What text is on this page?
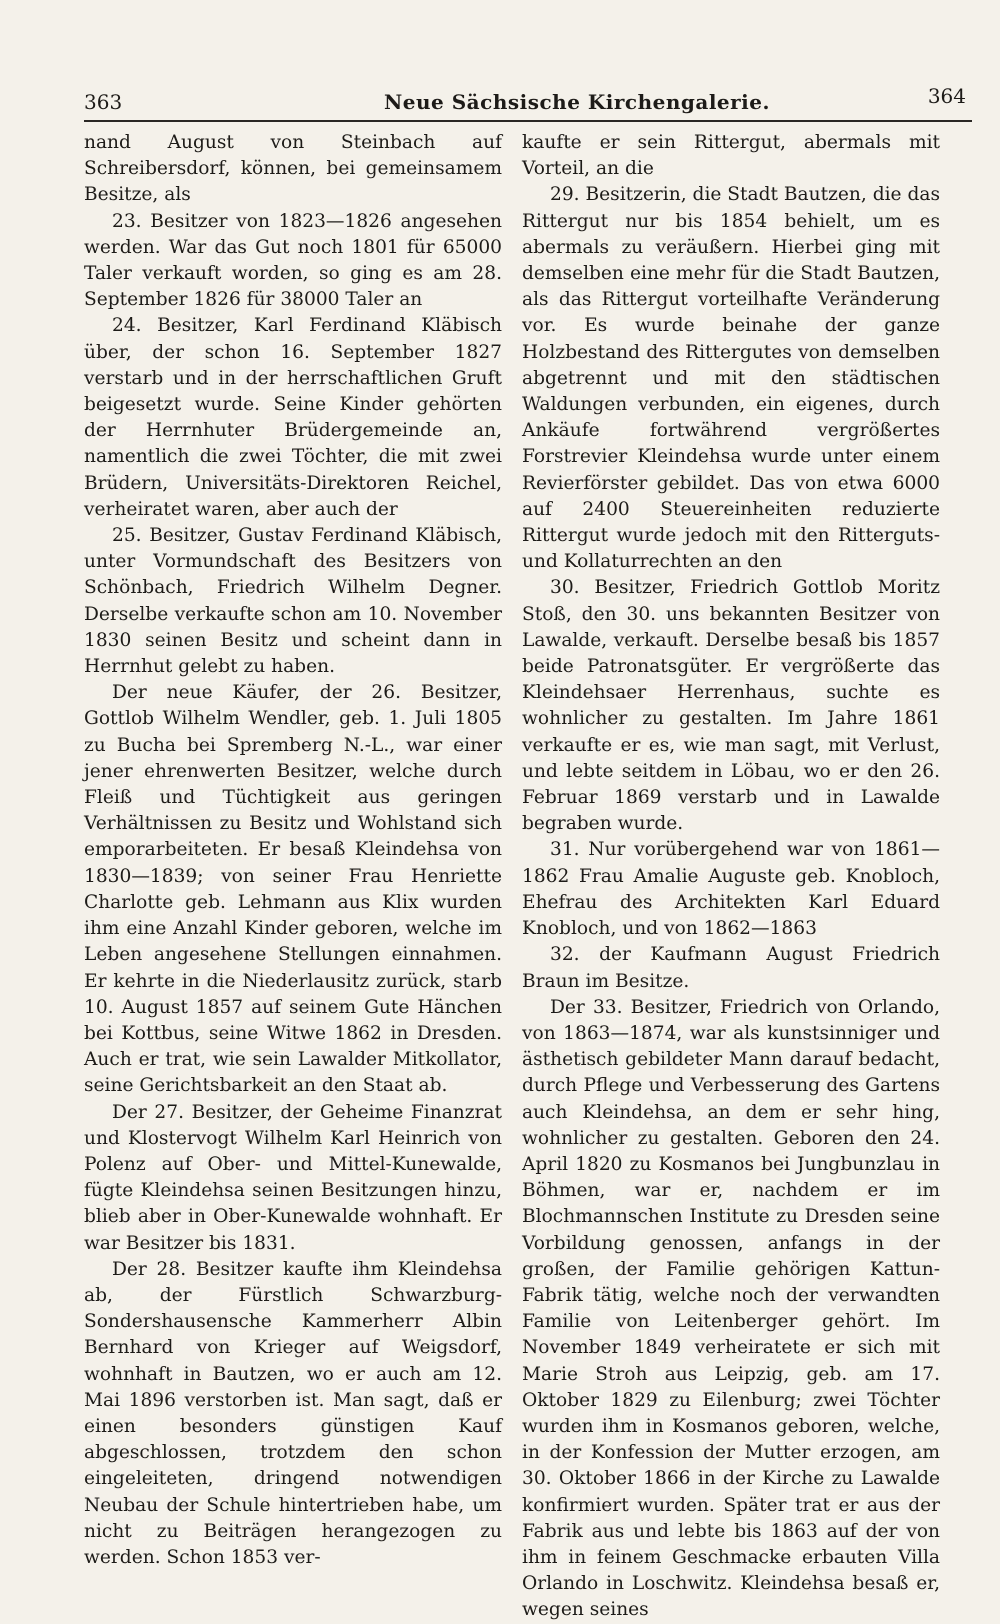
363	Neue Sächsische Kirchengalerie.	364

nand August von Steinbach auf Schreibersdorf, können, bei gemeinsamem Besitze, als

23. Besitzer von 1823—1826 angesehen werden. War das Gut noch 1801 für 65000 Taler verkauft worden, so ging es am 28. September 1826 für 38000 Taler an

24. Besitzer, Karl Ferdinand Kläbisch über, der schon 16. September 1827 verstarb und in der herrschaftlichen Gruft beigesetzt wurde. Seine Kinder gehörten der Herrnhuter Brüdergemeinde an, namentlich die zwei Töchter, die mit zwei Brüdern, Universitäts-Direktoren Reichel, verheiratet waren, aber auch der

25. Besitzer, Gustav Ferdinand Kläbisch, unter Vormundschaft des Besitzers von Schönbach, Friedrich Wilhelm Degner. Derselbe verkaufte schon am 10. November 1830 seinen Besitz und scheint dann in Herrnhut gelebt zu haben.

Der neue Käufer, der 26. Besitzer, Gottlob Wilhelm Wendler, geb. 1. Juli 1805 zu Bucha bei Spremberg N.-L., war einer jener ehrenwerten Besitzer, welche durch Fleiß und Tüchtigkeit aus geringen Verhältnissen zu Besitz und Wohlstand sich emporarbeiteten. Er besaß Kleindehsa von 1830—1839; von seiner Frau Henriette Charlotte geb. Lehmann aus Klix wurden ihm eine Anzahl Kinder geboren, welche im Leben angesehene Stellungen einnahmen. Er kehrte in die Niederlausitz zurück, starb 10. August 1857 auf seinem Gute Hänchen bei Kottbus, seine Witwe 1862 in Dresden. Auch er trat, wie sein Lawalder Mitkollator, seine Gerichtsbarkeit an den Staat ab.

Der 27. Besitzer, der Geheime Finanzrat und Klostervogt Wilhelm Karl Heinrich von Polenz auf Ober- und Mittel-Kunewalde, fügte Kleindehsa seinen Besitzungen hinzu, blieb aber in Ober-Kunewalde wohnhaft. Er war Besitzer bis 1831.

Der 28. Besitzer kaufte ihm Kleindehsa ab, der Fürstlich Schwarzburg-Sondershausensche Kammerherr Albin Bernhard von Krieger auf Weigsdorf, wohnhaft in Bautzen, wo er auch am 12. Mai 1896 verstorben ist. Man sagt, daß er einen besonders günstigen Kauf abgeschlossen, trotzdem den schon eingeleiteten, dringend notwendigen Neubau der Schule hintertrieben habe, um nicht zu Beiträgen herangezogen zu werden. Schon 1853 ver-

kaufte er sein Rittergut, abermals mit Vorteil, an die

29. Besitzerin, die Stadt Bautzen, die das Rittergut nur bis 1854 behielt, um es abermals zu veräußern. Hierbei ging mit demselben eine mehr für die Stadt Bautzen, als das Rittergut vorteilhafte Veränderung vor. Es wurde beinahe der ganze Holzbestand des Rittergutes von demselben abgetrennt und mit den städtischen Waldungen verbunden, ein eigenes, durch Ankäufe fortwährend vergrößertes Forstrevier Kleindehsa wurde unter einem Revierförster gebildet. Das von etwa 6000 auf 2400 Steuereinheiten reduzierte Rittergut wurde jedoch mit den Ritterguts- und Kollaturrechten an den

30. Besitzer, Friedrich Gottlob Moritz Stoß, den 30. uns bekannten Besitzer von Lawalde, verkauft. Derselbe besaß bis 1857 beide Patronatsgüter. Er vergrößerte das Kleindehsaer Herrenhaus, suchte es wohnlicher zu gestalten. Im Jahre 1861 verkaufte er es, wie man sagt, mit Verlust, und lebte seitdem in Löbau, wo er den 26. Februar 1869 verstarb und in Lawalde begraben wurde.

31. Nur vorübergehend war von 1861—1862 Frau Amalie Auguste geb. Knobloch, Ehefrau des Architekten Karl Eduard Knobloch, und von 1862—1863

32. der Kaufmann August Friedrich Braun im Besitze.

Der 33. Besitzer, Friedrich von Orlando, von 1863—1874, war als kunstsinniger und ästhetisch gebildeter Mann darauf bedacht, durch Pflege und Verbesserung des Gartens auch Kleindehsa, an dem er sehr hing, wohnlicher zu gestalten. Geboren den 24. April 1820 zu Kosmanos bei Jungbunzlau in Böhmen, war er, nachdem er im Blochmannschen Institute zu Dresden seine Vorbildung genossen, anfangs in der großen, der Familie gehörigen Kattun-Fabrik tätig, welche noch der verwandten Familie von Leitenberger gehört. Im November 1849 verheiratete er sich mit Marie Stroh aus Leipzig, geb. am 17. Oktober 1829 zu Eilenburg; zwei Töchter wurden ihm in Kosmanos geboren, welche, in der Konfession der Mutter erzogen, am 30. Oktober 1866 in der Kirche zu Lawalde konfirmiert wurden. Später trat er aus der Fabrik aus und lebte bis 1863 auf der von ihm in feinem Geschmacke erbauten Villa Orlando in Loschwitz. Kleindehsa besaß er, wegen seines
